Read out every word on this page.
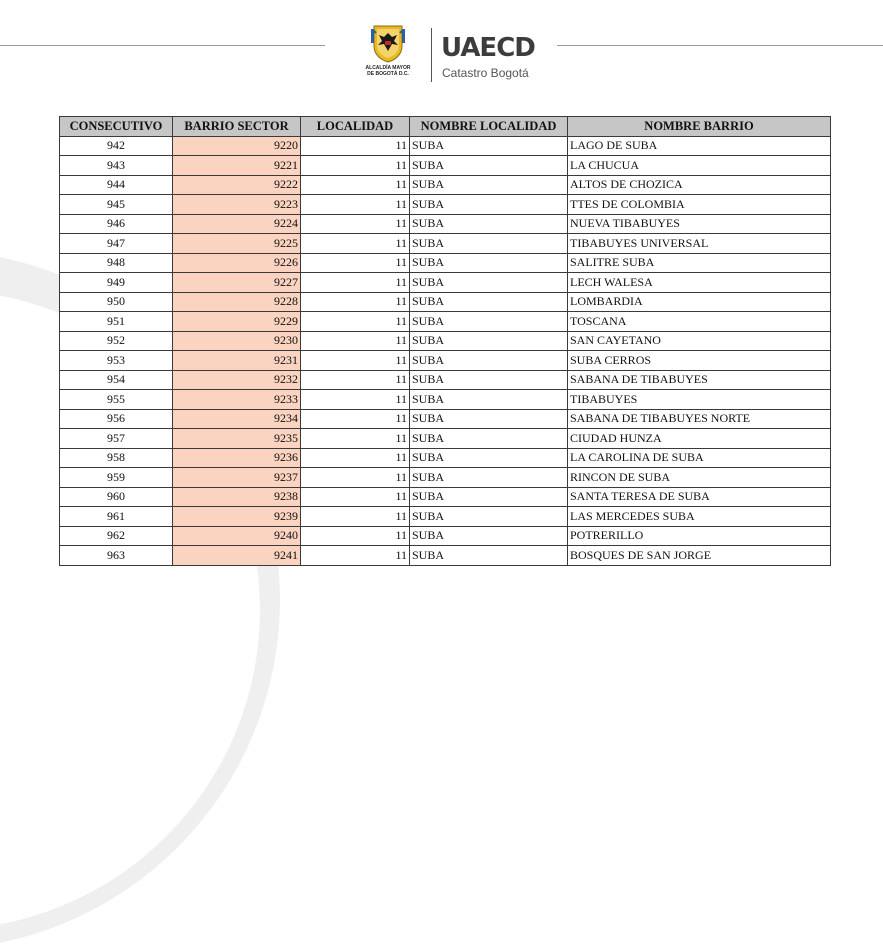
ALCALDÍA MAYOR
DE BOGOTÁ D.C.
UAECD
Catastro Bogotá
CONSECUTIVO	BARRIO SECTOR	LOCALIDAD	NOMBRE LOCALIDAD	NOMBRE BARRIO
942	9220	11	SUBA	LAGO DE SUBA
943	9221	11	SUBA	LA CHUCUA
944	9222	11	SUBA	ALTOS DE CHOZICA
945	9223	11	SUBA	TTES DE COLOMBIA
946	9224	11	SUBA	NUEVA TIBABUYES
947	9225	11	SUBA	TIBABUYES UNIVERSAL
948	9226	11	SUBA	SALITRE SUBA
949	9227	11	SUBA	LECH WALESA
950	9228	11	SUBA	LOMBARDIA
951	9229	11	SUBA	TOSCANA
952	9230	11	SUBA	SAN CAYETANO
953	9231	11	SUBA	SUBA CERROS
954	9232	11	SUBA	SABANA DE TIBABUYES
955	9233	11	SUBA	TIBABUYES
956	9234	11	SUBA	SABANA DE TIBABUYES NORTE
957	9235	11	SUBA	CIUDAD HUNZA
958	9236	11	SUBA	LA CAROLINA DE SUBA
959	9237	11	SUBA	RINCON DE SUBA
960	9238	11	SUBA	SANTA TERESA DE SUBA
961	9239	11	SUBA	LAS MERCEDES SUBA
962	9240	11	SUBA	POTRERILLO
963	9241	11	SUBA	BOSQUES DE SAN JORGE
